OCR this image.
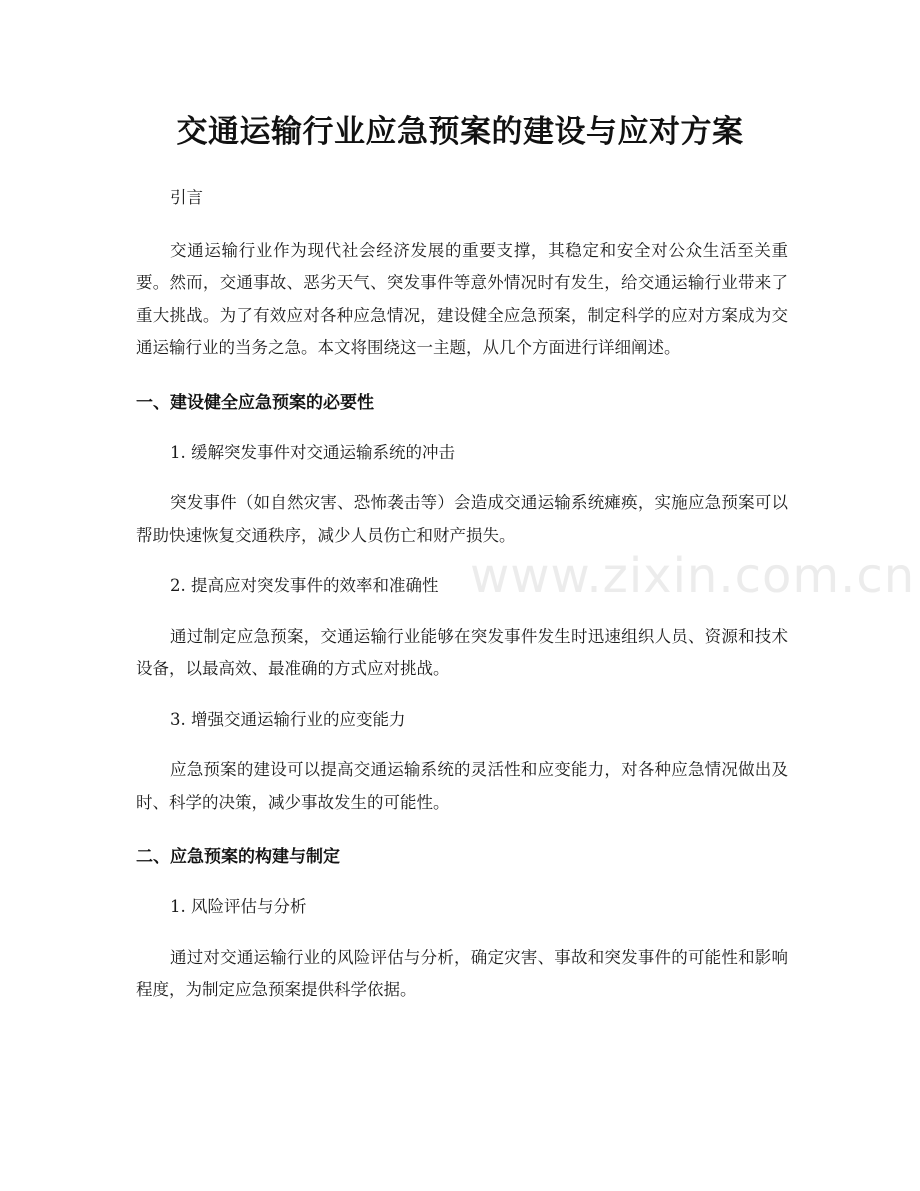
交通运输行业应急预案的建设与应对方案

引言

交通运输行业作为现代社会经济发展的重要支撑，其稳定和安全对公众生活至关重要。然而，交通事故、恶劣天气、突发事件等意外情况时有发生，给交通运输行业带来了重大挑战。为了有效应对各种应急情况，建设健全应急预案，制定科学的应对方案成为交通运输行业的当务之急。本文将围绕这一主题，从几个方面进行详细阐述。

一、建设健全应急预案的必要性

1. 缓解突发事件对交通运输系统的冲击

突发事件（如自然灾害、恐怖袭击等）会造成交通运输系统瘫痪，实施应急预案可以帮助快速恢复交通秩序，减少人员伤亡和财产损失。

2. 提高应对突发事件的效率和准确性

通过制定应急预案，交通运输行业能够在突发事件发生时迅速组织人员、资源和技术设备，以最高效、最准确的方式应对挑战。

3. 增强交通运输行业的应变能力

应急预案的建设可以提高交通运输系统的灵活性和应变能力，对各种应急情况做出及时、科学的决策，减少事故发生的可能性。

二、应急预案的构建与制定

1. 风险评估与分析

通过对交通运输行业的风险评估与分析，确定灾害、事故和突发事件的可能性和影响程度，为制定应急预案提供科学依据。

www.zixin.com.cn
